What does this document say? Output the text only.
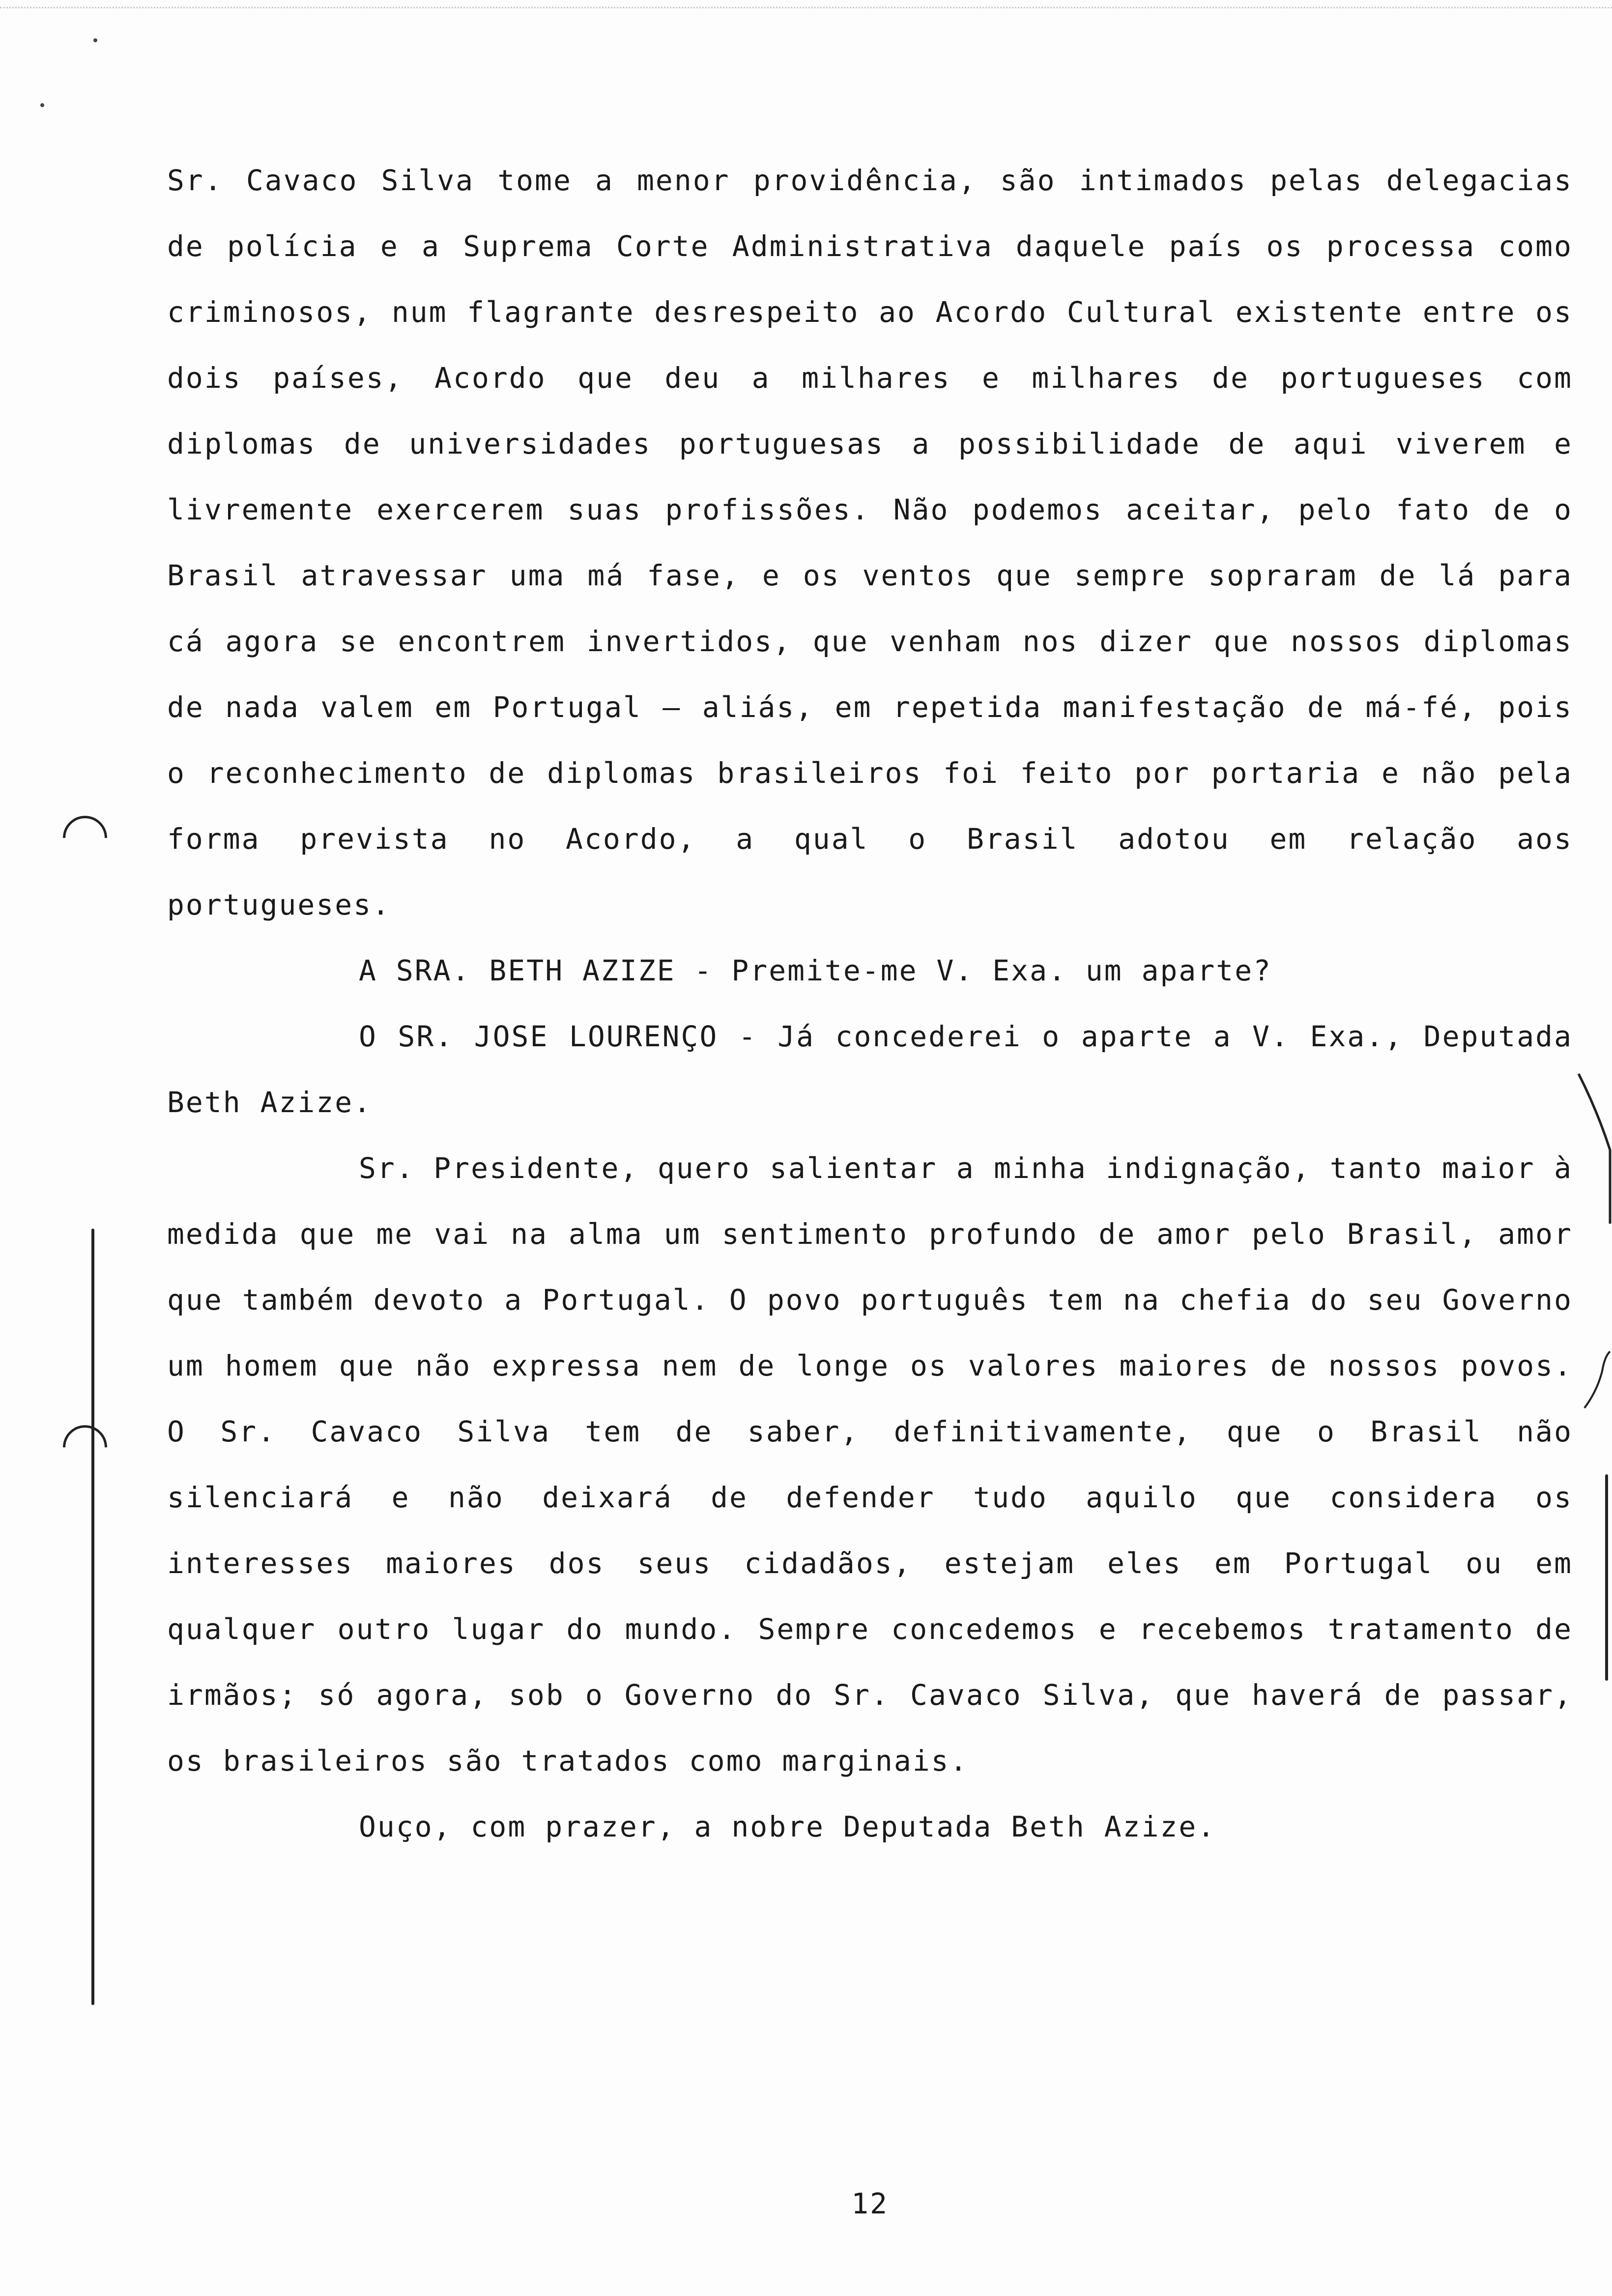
Sr. Cavaco Silva tome a menor providência, são intimados pelas delegacias de polícia e a Suprema Corte Administrativa daquele país os processa como criminosos, num flagrante desrespeito ao Acordo Cultural existente entre os dois países, Acordo que deu a milhares e milhares de portugueses com diplomas de universidades portuguesas a possibilidade de aqui viverem e livremente exercerem suas profissões. Não podemos aceitar, pelo fato de o Brasil atravessar uma má fase, e os ventos que sempre sopraram de lá para cá agora se encontrem invertidos, que venham nos dizer que nossos diplomas de nada valem em Portugal — aliás, em repetida manifestação de má-fé, pois o reconhecimento de diplomas brasileiros foi feito por portaria e não pela forma prevista no Acordo, a qual o Brasil adotou em relação aos portugueses.

A SRA. BETH AZIZE - Premite-me V. Exa. um aparte?

O SR. JOSE LOURENÇO - Já concederei o aparte a V. Exa., Deputada Beth Azize.

Sr. Presidente, quero salientar a minha indignação, tanto maior à medida que me vai na alma um sentimento profundo de amor pelo Brasil, amor que também devoto a Portugal. O povo português tem na chefia do seu Governo um homem que não expressa nem de longe os valores maiores de nossos povos. O Sr. Cavaco Silva tem de saber, definitivamente, que o Brasil não silenciará e não deixará de defender tudo aquilo que considera os interesses maiores dos seus cidadãos, estejam eles em Portugal ou em qualquer outro lugar do mundo. Sempre concedemos e recebemos tratamento de irmãos; só agora, sob o Governo do Sr. Cavaco Silva, que haverá de passar, os brasileiros são tratados como marginais.

Ouço, com prazer, a nobre Deputada Beth Azize.

12
